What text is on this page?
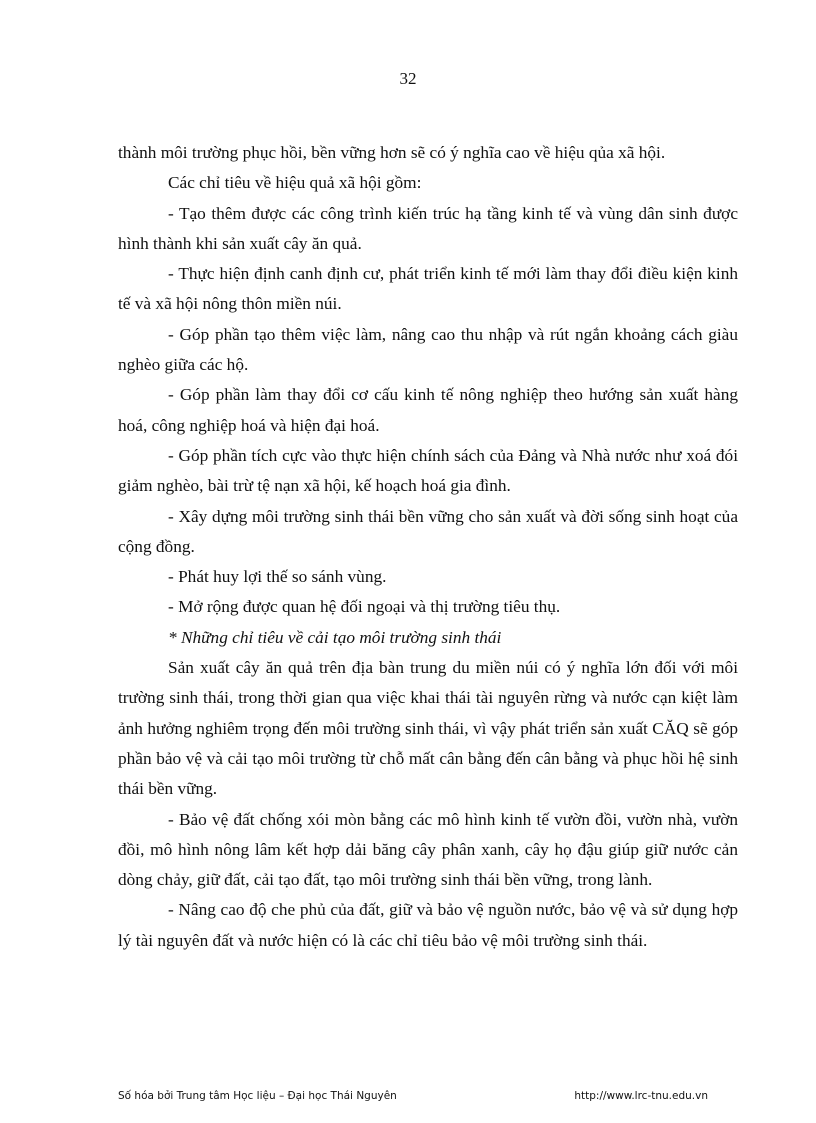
32

thành môi trường phục hồi, bền vững hơn sẽ có ý nghĩa cao về hiệu qủa xã hội.

Các chỉ tiêu về hiệu quả xã hội gồm:

- Tạo thêm được các công trình kiến trúc hạ tầng kinh tế và vùng dân sinh được hình thành khi sản xuất cây ăn quả.

- Thực hiện định canh định cư, phát triển kinh tế mới làm thay đổi điều kiện kinh tế và xã hội nông thôn miền núi.

- Góp phần tạo thêm việc làm, nâng cao thu nhập và rút ngắn khoảng cách giàu nghèo giữa các hộ.

- Góp phần làm thay đổi cơ cấu kinh tế nông nghiệp theo hướng sản xuất hàng hoá, công nghiệp hoá và hiện đại hoá.

- Góp phần tích cực vào thực hiện chính sách của Đảng và Nhà nước như xoá đói giảm nghèo, bài trừ tệ nạn xã hội, kế hoạch hoá gia đình.

- Xây dựng môi trường sinh thái bền vững cho sản xuất và đời sống sinh hoạt của cộng đồng.

- Phát huy lợi thế so sánh vùng.

- Mở rộng được quan hệ đối ngoại và thị trường tiêu thụ.

* Những chỉ tiêu về cải tạo môi trường sinh thái

Sản xuất cây ăn quả trên địa bàn trung du miền núi có ý nghĩa lớn đối với môi trường sinh thái, trong thời gian qua việc khai thái tài nguyên rừng và nước cạn kiệt làm ảnh hưởng nghiêm trọng đến môi trường sinh thái, vì vậy phát triển sản xuất CĂQ sẽ góp phần bảo vệ và cải tạo môi trường từ chỗ mất cân bằng đến cân bằng và phục hồi hệ sinh thái bền vững.

- Bảo vệ đất chống xói mòn bằng các mô hình kinh tế vườn đồi, vườn nhà, vườn đồi, mô hình nông lâm kết hợp dải băng cây phân xanh, cây họ đậu giúp giữ nước cản dòng chảy, giữ đất, cải tạo đất, tạo môi trường sinh thái bền vững, trong lành.

- Nâng cao độ che phủ của đất, giữ và bảo vệ nguồn nước, bảo vệ và sử dụng hợp lý tài nguyên đất và nước hiện có là các chỉ tiêu bảo vệ môi trường sinh thái.

Số hóa bởi Trung tâm Học liệu – Đại học Thái Nguyên	http://www.lrc-tnu.edu.vn
